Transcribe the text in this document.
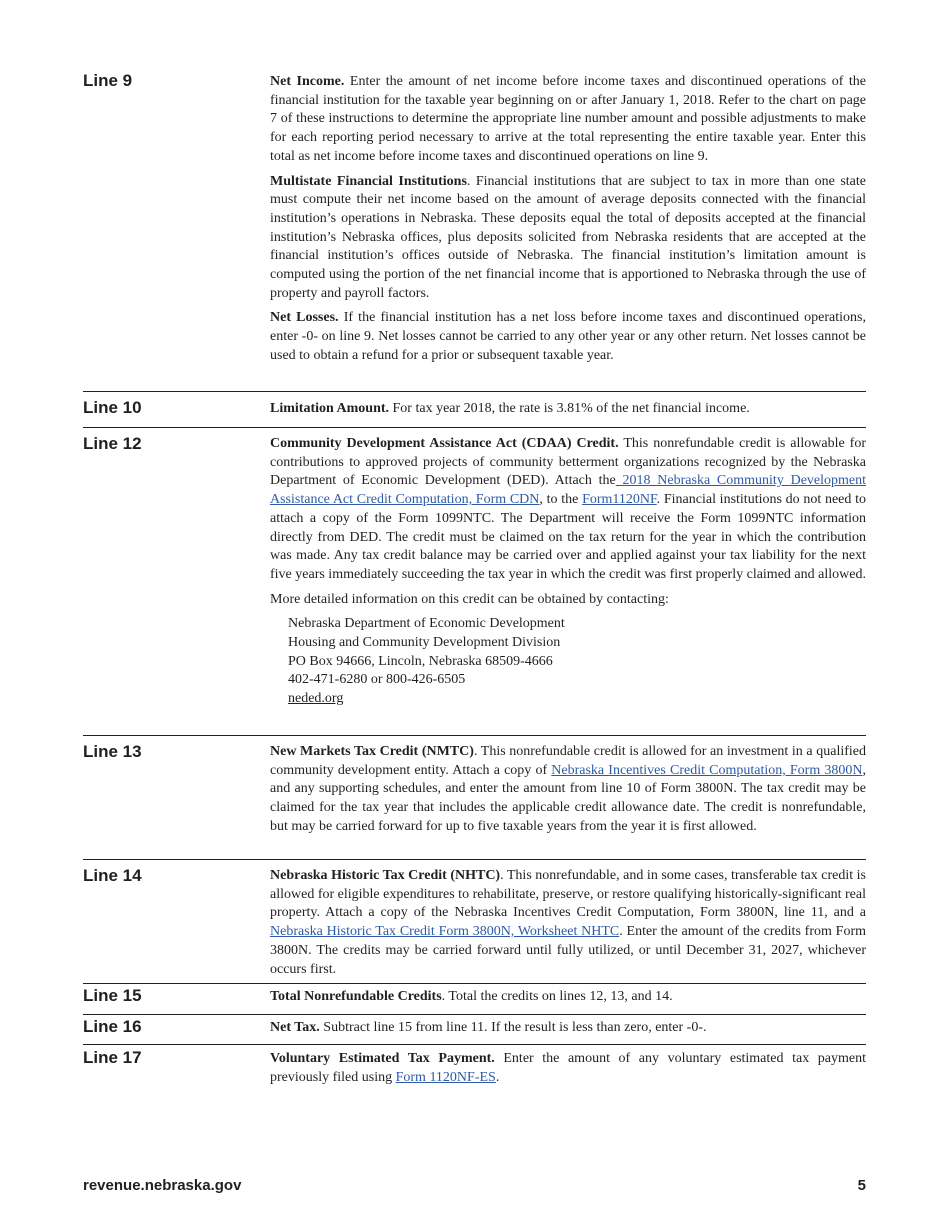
Line 9	Net Income. Enter the amount of net income before income taxes and discontinued operations of the financial institution for the taxable year beginning on or after January 1, 2018. Refer to the chart on page 7 of these instructions to determine the appropriate line number amount and possible adjustments to make for each reporting period necessary to arrive at the total representing the entire taxable year. Enter this total as net income before income taxes and discontinued operations on line 9.

Multistate Financial Institutions. Financial institutions that are subject to tax in more than one state must compute their net income based on the amount of average deposits connected with the financial institution’s operations in Nebraska. These deposits equal the total of deposits accepted at the financial institution’s Nebraska offices, plus deposits solicited from Nebraska residents that are accepted at the financial institution’s offices outside of Nebraska. The financial institution’s limitation amount is computed using the portion of the net financial income that is apportioned to Nebraska through the use of property and payroll factors.

Net Losses. If the financial institution has a net loss before income taxes and discontinued operations, enter -0- on line 9. Net losses cannot be carried to any other year or any other return. Net losses cannot be used to obtain a refund for a prior or subsequent taxable year.

Line 10	Limitation Amount. For tax year 2018, the rate is 3.81% of the net financial income.

Line 12	Community Development Assistance Act (CDAA) Credit. This nonrefundable credit is allowable for contributions to approved projects of community betterment organizations recognized by the Nebraska Department of Economic Development (DED). Attach the 2018 Nebraska Community Development Assistance Act Credit Computation, Form CDN, to the Form1120NF. Financial institutions do not need to attach a copy of the Form 1099NTC. The Department will receive the Form 1099NTC information directly from DED. The credit must be claimed on the tax return for the year in which the contribution was made. Any tax credit balance may be carried over and applied against your tax liability for the next five years immediately succeeding the tax year in which the credit was first properly claimed and allowed.

More detailed information on this credit can be obtained by contacting:

Nebraska Department of Economic Development
Housing and Community Development Division
PO Box 94666, Lincoln, Nebraska 68509-4666
402-471-6280 or 800-426-6505
neded.org
Line 13	New Markets Tax Credit (NMTC). This nonrefundable credit is allowed for an investment in a qualified community development entity. Attach a copy of Nebraska Incentives Credit Computation, Form 3800N, and any supporting schedules, and enter the amount from line 10 of Form 3800N. The tax credit may be claimed for the tax year that includes the applicable credit allowance date. The credit is nonrefundable, but may be carried forward for up to five taxable years from the year it is first allowed.

Line 14	Nebraska Historic Tax Credit (NHTC). This nonrefundable, and in some cases, transferable tax credit is allowed for eligible expenditures to rehabilitate, preserve, or restore qualifying historically-significant real property. Attach a copy of the Nebraska Incentives Credit Computation, Form 3800N, line 11, and a Nebraska Historic Tax Credit Form 3800N, Worksheet NHTC. Enter the amount of the credits from Form 3800N. The credits may be carried forward until fully utilized, or until December 31, 2027, whichever occurs first.

Line 15	Total Nonrefundable Credits. Total the credits on lines 12, 13, and 14.

Line 16	Net Tax. Subtract line 15 from line 11. If the result is less than zero, enter -0-.

Line 17	Voluntary Estimated Tax Payment. Enter the amount of any voluntary estimated tax payment previously filed using Form 1120NF-ES.

revenue.nebraska.gov	5
